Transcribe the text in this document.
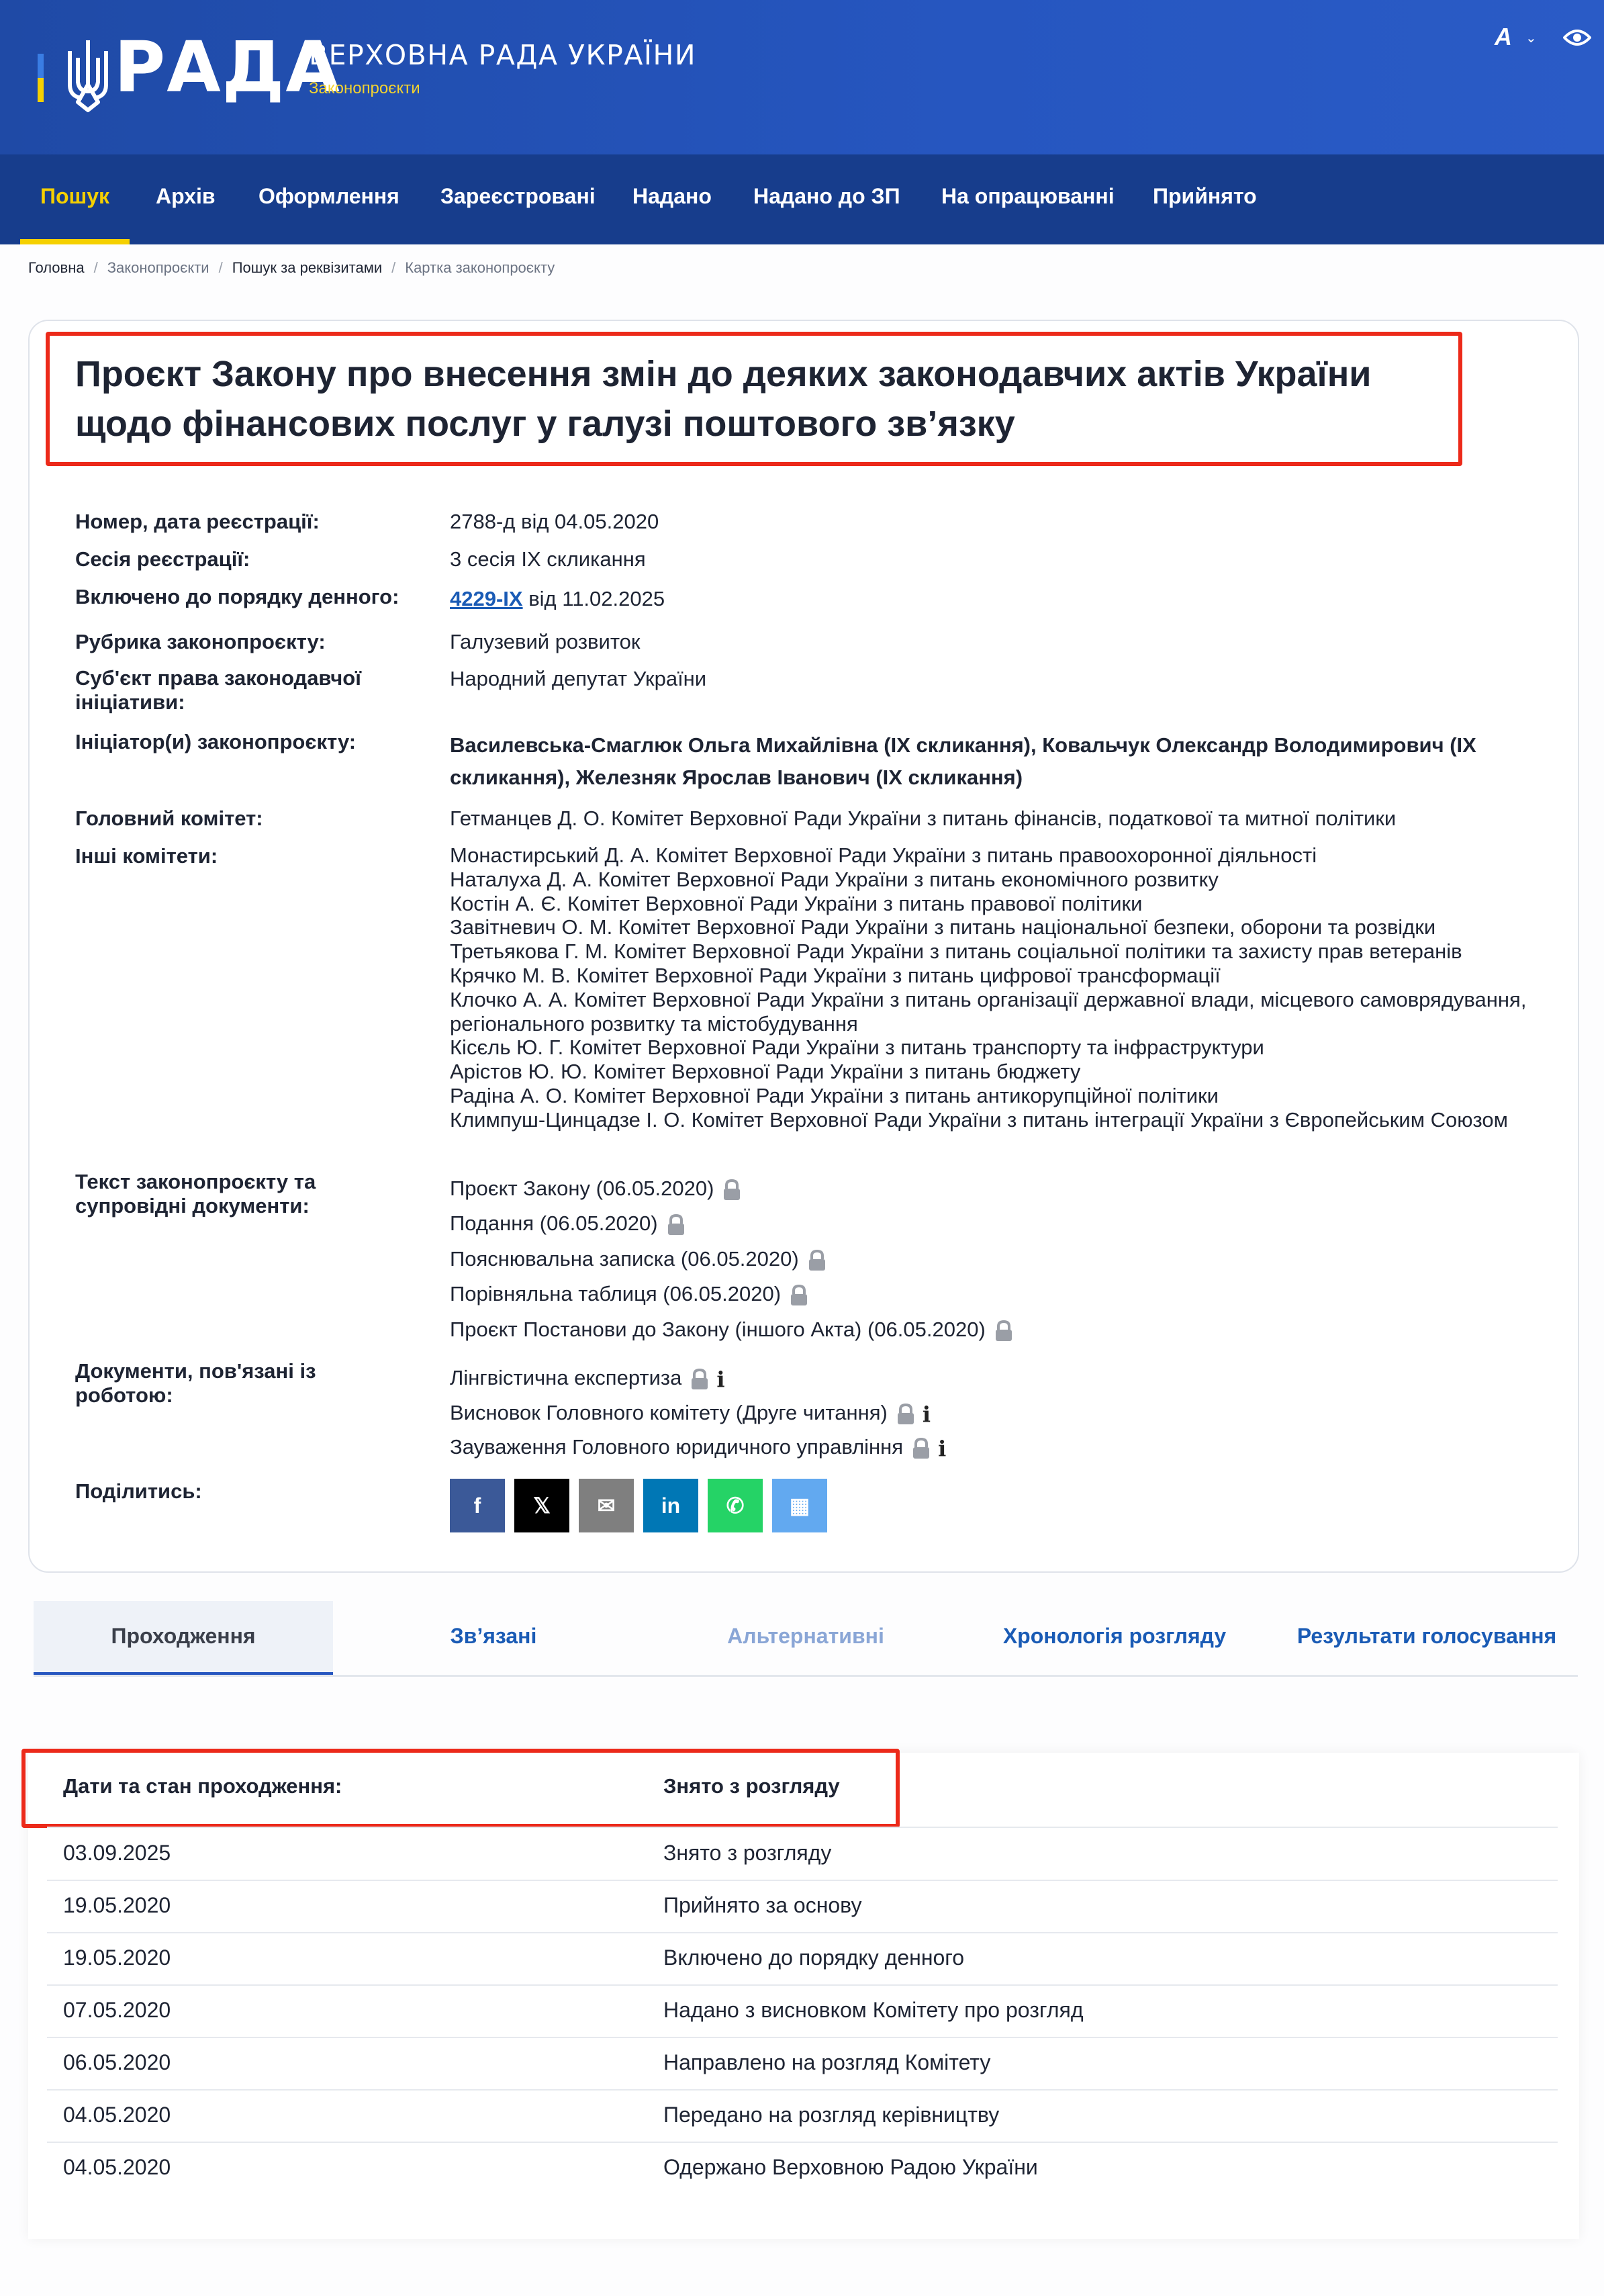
РАДА
ВЕРХОВНА РАДА УКРАЇНИ
Законопроєкти
A ⌄
Пошук	Архів Оформлення Зареєстровані Надано Надано до ЗП На опрацюванні Прийнято
Головна / Законопроєкти / Пошук за реквізитами / Картка законопроєкту
Проєкт Закону про внесення змін до деяких законодавчих актів України щодо фінансових послуг у галузі поштового зв’язку
Номер, дата реєстрації:	2788-д від 04.05.2020
Сесія реєстрації:	3 сесія IX скликання
Включено до порядку денного: 4229-IX від 11.02.2025
Рубрика законопроєкту:	Галузевий розвиток
Суб'єкт права законодавчої ініціативи:
Народний депутат України
Ініціатор(и) законопроєкту:	Василевська-Смаглюк Ольга Михайлівна (IX скликання), Ковальчук Олександр Володимирович (IX скликання), Железняк Ярослав Іванович (IX скликання)
Головний комітет:	Гетманцев Д. О. Комітет Верховної Ради України з питань фінансів, податкової та митної політики
Інші комітети:	Монастирський Д. А. Комітет Верховної Ради України з питань правоохоронної діяльності
Наталуха Д. А. Комітет Верховної Ради України з питань економічного розвитку
Костін А. Є. Комітет Верховної Ради України з питань правової політики
Завітневич О. М. Комітет Верховної Ради України з питань національної безпеки, оборони та розвідки
Третьякова Г. М. Комітет Верховної Ради України з питань соціальної політики та захисту прав ветеранів
Крячко М. В. Комітет Верховної Ради України з питань цифрової трансформації
Клочко А. А. Комітет Верховної Ради України з питань організації державної влади, місцевого самоврядування, регіонального розвитку та містобудування
Кісєль Ю. Г. Комітет Верховної Ради України з питань транспорту та інфраструктури
Арістов Ю. Ю. Комітет Верховної Ради України з питань бюджету
Радіна А. О. Комітет Верховної Ради України з питань антикорупційної політики
Климпуш-Цинцадзе І. О. Комітет Верховної Ради України з питань інтеграції України з Європейським Союзом
Текст законопроєкту та супровідні документи:
Проєкт Закону (06.05.2020)
Подання (06.05.2020)
Пояснювальна записка (06.05.2020)
Порівняльна таблиця (06.05.2020)
Проєкт Постанови до Закону (іншого Акта) (06.05.2020)
Документи, пов'язані із роботою:
Лінгвістична експертиза i
Висновок Головного комітету (Друге читання) i
Зауваження Головного юридичного управління i
Поділитись:
f	𝕏	✉	in	✆	▦
Проходження	Зв’язані	Альтернативні	Хронологія розгляду	Результати голосування
Дати та стан проходження:	Знято з розгляду
03.09.2025	Знято з розгляду
19.05.2020	Прийнято за основу
19.05.2020	Включено до порядку денного
07.05.2020	Надано з висновком Комітету про розгляд
06.05.2020	Направлено на розгляд Комітету
04.05.2020	Передано на розгляд керівництву
04.05.2020	Одержано Верховною Радою України
